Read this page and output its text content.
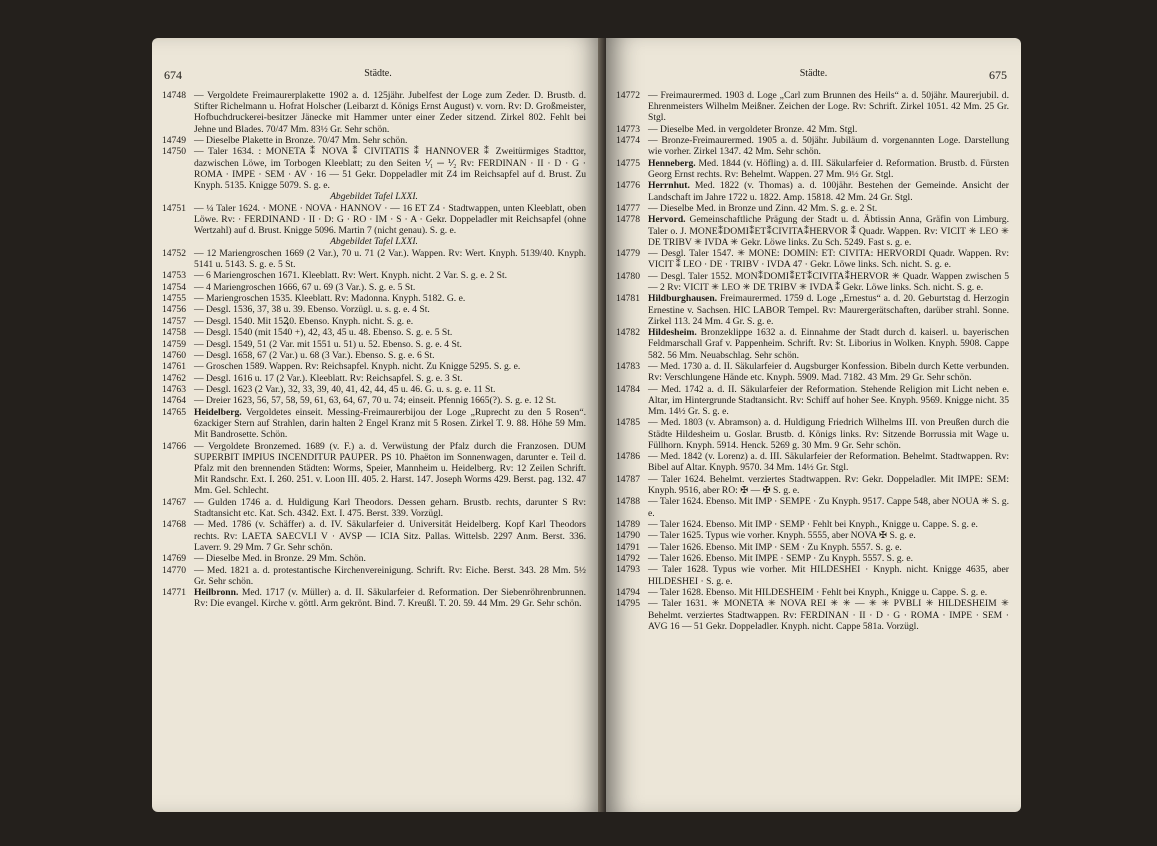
674	Städte.
14748 — Vergoldete Freimaurerplakette 1902 a. d. 125jähr. Jubelfest der Loge zum Zeder. D. Brustb. d. Stifter Richelmann u. Hofrat Holscher (Leibarzt d. Königs Ernst August) v. vorn. Rv: D. Großmeister, Hofbuchdruckerei-besitzer Jänecke mit Hammer unter einer Zeder sitzend. Zirkel 802. Fehlt bei Jehne und Blades. 70/47 Mm. 83½ Gr. Sehr schön.
14749 — Dieselbe Plakette in Bronze. 70/47 Mm. Sehr schön.
14750 — Taler 1634. : MONETA ⁑ NOVA ⁑ CIVITATIS ⁑ HANNOVER ⁑ Zweitürmiges Stadttor, dazwischen Löwe, im Torbogen Kleeblatt; zu den Seiten ⅟₁ ─ ⅟₂ Rv: FERDINAN · II · D · G · ROMA · IMPE · SEM · AV · 16 — 51 Gekr. Doppeladler mit Z4 im Reichsapfel auf d. Brust. Zu Knyph. 5135. Knigge 5079. S. g. e.
Abgebildet Tafel LXXI.
14751 — ¼ Taler 1624. · MONE · NOVA · HANNOV · — 16 ET Z4 · Stadtwappen, unten Kleeblatt, oben Löwe. Rv: · FERDINAND · II · D: G · RO · IM · S · A · Gekr. Doppeladler mit Reichsapfel (ohne Wertzahl) auf d. Brust. Knigge 5096. Martin 7 (nicht genau). S. g. e.
Abgebildet Tafel LXXI.
14752 — 12 Mariengroschen 1669 (2 Var.), 70 u. 71 (2 Var.). Wappen. Rv: Wert. Knyph. 5139/40. Knyph. 5141 u. 5143. S. g. e. 5 St.
14753 — 6 Mariengroschen 1671. Kleeblatt. Rv: Wert. Knyph. nicht. 2 Var. S. g. e. 2 St.
14754 — 4 Mariengroschen 1666, 67 u. 69 (3 Var.). S. g. e. 5 St.
14755 — Mariengroschen 1535. Kleeblatt. Rv: Madonna. Knyph. 5182. G. e.
14756 — Desgl. 1536, 37, 38 u. 39. Ebenso. Vorzügl. u. s. g. e. 4 St.
14757 — Desgl. 1540. Mit 15Ꝝ0. Ebenso. Knyph. nicht. S. g. e.
14758 — Desgl. 1540 (mit 1540 +), 42, 43, 45 u. 48. Ebenso. S. g. e. 5 St.
14759 — Desgl. 1549, 51 (2 Var. mit 1551 u. 51) u. 52. Ebenso. S. g. e. 4 St.
14760 — Desgl. 1658, 67 (2 Var.) u. 68 (3 Var.). Ebenso. S. g. e. 6 St.
14761 — Groschen 1589. Wappen. Rv: Reichsapfel. Knyph. nicht. Zu Knigge 5295. S. g. e.
14762 — Desgl. 1616 u. 17 (2 Var.). Kleeblatt. Rv: Reichsapfel. S. g. e. 3 St.
14763 — Desgl. 1623 (2 Var.), 32, 33, 39, 40, 41, 42, 44, 45 u. 46. G. u. s. g. e. 11 St.
14764 — Dreier 1623, 56, 57, 58, 59, 61, 63, 64, 67, 70 u. 74; einseit. Pfennig 1665(?). S. g. e. 12 St.
14765 Heidelberg. Vergoldetes einseit. Messing-Freimaurerbijou der Loge „Ruprecht zu den 5 Rosen“. 6zackiger Stern auf Strahlen, darin halten 2 Engel Kranz mit 5 Rosen. Zirkel T. 9. 88. Höhe 59 Mm. Mit Bandrosette. Schön.
14766 — Vergoldete Bronzemed. 1689 (v. F.) a. d. Verwüstung der Pfalz durch die Franzosen. DUM SUPERBIT IMPIUS INCENDITUR PAUPER. PS 10. Phaëton im Sonnenwagen, darunter e. Teil d. Pfalz mit den brennenden Städten: Worms, Speier, Mannheim u. Heidelberg. Rv: 12 Zeilen Schrift. Mit Randschr. Ext. I. 260. 251. v. Loon III. 405. 2. Harst. 147. Joseph Worms 429. Berst. pag. 132. 47 Mm. Gel. Schlecht.
14767 — Gulden 1746 a. d. Huldigung Karl Theodors. Dessen geharn. Brustb. rechts, darunter S Rv: Stadtansicht etc. Kat. Sch. 4342. Ext. I. 475. Berst. 339. Vorzügl.
14768 — Med. 1786 (v. Schäffer) a. d. IV. Säkularfeier d. Universität Heidelberg. Kopf Karl Theodors rechts. Rv: LAETA SAECVLI V · AVSP — ICIA Sitz. Pallas. Wittelsb. 2297 Anm. Berst. 336. Laverr. 9. 29 Mm. 7 Gr. Sehr schön.
14769 — Dieselbe Med. in Bronze. 29 Mm. Schön.
14770 — Med. 1821 a. d. protestantische Kirchenvereinigung. Schrift. Rv: Eiche. Berst. 343. 28 Mm. 5½ Gr. Sehr schön.
14771 Heilbronn. Med. 1717 (v. Müller) a. d. II. Säkularfeier d. Reformation. Der Siebenröhrenbrunnen. Rv: Die evangel. Kirche v. göttl. Arm gekrönt. Bind. 7. Kreußl. T. 20. 59. 44 Mm. 29 Gr. Sehr schön.
Städte.	675
14772 — Freimaurermed. 1903 d. Loge „Carl zum Brunnen des Heils“ a. d. 50jähr. Maurerjubil. d. Ehrenmeisters Wilhelm Meißner. Zeichen der Loge. Rv: Schrift. Zirkel 1051. 42 Mm. 25 Gr. Stgl.
14773 — Dieselbe Med. in vergoldeter Bronze. 42 Mm. Stgl.
14774 — Bronze-Freimaurermed. 1905 a. d. 50jähr. Jubiläum d. vorgenannten Loge. Darstellung wie vorher. Zirkel 1347. 42 Mm. Sehr schön.
14775 Henneberg. Med. 1844 (v. Höfling) a. d. III. Säkularfeier d. Reformation. Brustb. d. Fürsten Georg Ernst rechts. Rv: Behelmt. Wappen. 27 Mm. 9½ Gr. Stgl.
14776 Herrnhut. Med. 1822 (v. Thomas) a. d. 100jähr. Bestehen der Gemeinde. Ansicht der Landschaft im Jahre 1722 u. 1822. Amp. 15818. 42 Mm. 24 Gr. Stgl.
14777 — Dieselbe Med. in Bronze und Zinn. 42 Mm. S. g. e. 2 St.
14778 Hervord. Gemeinschaftliche Prägung der Stadt u. d. Äbtissin Anna, Gräfin von Limburg. Taler o. J. MONE⁑DOMI⁑ET⁑CIVITA⁑HERVOR ⁑ Quadr. Wappen. Rv: VICIT ✳ LEO ✳ DE TRIBV ✳ IVDA ✳ Gekr. Löwe links. Zu Sch. 5249. Fast s. g. e.
14779 — Desgl. Taler 1547. ✳ MONE: DOMIN: ET: CIVITA: HERVORDI Quadr. Wappen. Rv: VICIT ⁑ LEO · DE · TRIBV · IVDA 47 · Gekr. Löwe links. Sch. nicht. S. g. e.
14780 — Desgl. Taler 1552. MON⁑DOMI⁑ET⁑CIVITA⁑HERVOR ✳ Quadr. Wappen zwischen 5 — 2 Rv: VICIT ✳ LEO ✳ DE TRIBV ✳ IVDA ⁑ Gekr. Löwe links. Sch. nicht. S. g. e.
14781 Hildburghausen. Freimaurermed. 1759 d. Loge „Ernestus“ a. d. 20. Geburtstag d. Herzogin Ernestine v. Sachsen. HIC LABOR Tempel. Rv: Maurergerätschaften, darüber strahl. Sonne. Zirkel 113. 24 Mm. 4 Gr. S. g. e.
14782 Hildesheim. Bronzeklippe 1632 a. d. Einnahme der Stadt durch d. kaiserl. u. bayerischen Feldmarschall Graf v. Pappenheim. Schrift. Rv: St. Liborius in Wolken. Knyph. 5908. Cappe 582. 56 Mm. Neuabschlag. Sehr schön.
14783 — Med. 1730 a. d. II. Säkularfeier d. Augsburger Konfession. Bibeln durch Kette verbunden. Rv: Verschlungene Hände etc. Knyph. 5909. Mad. 7182. 43 Mm. 29 Gr. Sehr schön.
14784 — Med. 1742 a. d. II. Säkularfeier der Reformation. Stehende Religion mit Licht neben e. Altar, im Hintergrunde Stadtansicht. Rv: Schiff auf hoher See. Knyph. 9569. Knigge nicht. 35 Mm. 14½ Gr. S. g. e.
14785 — Med. 1803 (v. Abramson) a. d. Huldigung Friedrich Wilhelms III. von Preußen durch die Städte Hildesheim u. Goslar. Brustb. d. Königs links. Rv: Sitzende Borrussia mit Wage u. Füllhorn. Knyph. 5914. Henck. 5269 g. 30 Mm. 9 Gr. Sehr schön.
14786 — Med. 1842 (v. Lorenz) a. d. III. Säkularfeier der Reformation. Behelmt. Stadtwappen. Rv: Bibel auf Altar. Knyph. 9570. 34 Mm. 14½ Gr. Stgl.
14787 — Taler 1624. Behelmt. verziertes Stadtwappen. Rv: Gekr. Doppeladler. Mit IMPE: SEM: Knyph. 9516, aber RO: ✠ — ✠ S. g. e.
14788 — Taler 1624. Ebenso. Mit IMP · SEMPE · Zu Knyph. 9517. Cappe 548, aber NOUA ✳ S. g. e.
14789 — Taler 1624. Ebenso. Mit IMP · SEMP · Fehlt bei Knyph., Knigge u. Cappe. S. g. e.
14790 — Taler 1625. Typus wie vorher. Knyph. 5555, aber NOVA ✠ S. g. e.
14791 — Taler 1626. Ebenso. Mit IMP · SEM · Zu Knyph. 5557. S. g. e.
14792 — Taler 1626. Ebenso. Mit IMPE · SEMP · Zu Knyph. 5557. S. g. e.
14793 — Taler 1628. Typus wie vorher. Mit HILDESHEI · Knyph. nicht. Knigge 4635, aber HILDESHEI · S. g. e.
14794 — Taler 1628. Ebenso. Mit HILDESHEIM · Fehlt bei Knyph., Knigge u. Cappe. S. g. e.
14795 — Taler 1631. ✳ MONETA ✳ NOVA REI ✳ ✳ — ✳ ✳ PVBLI ✳ HILDESHEIM ✳ Behelmt. verziertes Stadtwappen. Rv: FERDINAN · II · D · G · ROMA · IMPE · SEM · AVG 16 — 51 Gekr. Doppeladler. Knyph. nicht. Cappe 581a. Vorzügl.
